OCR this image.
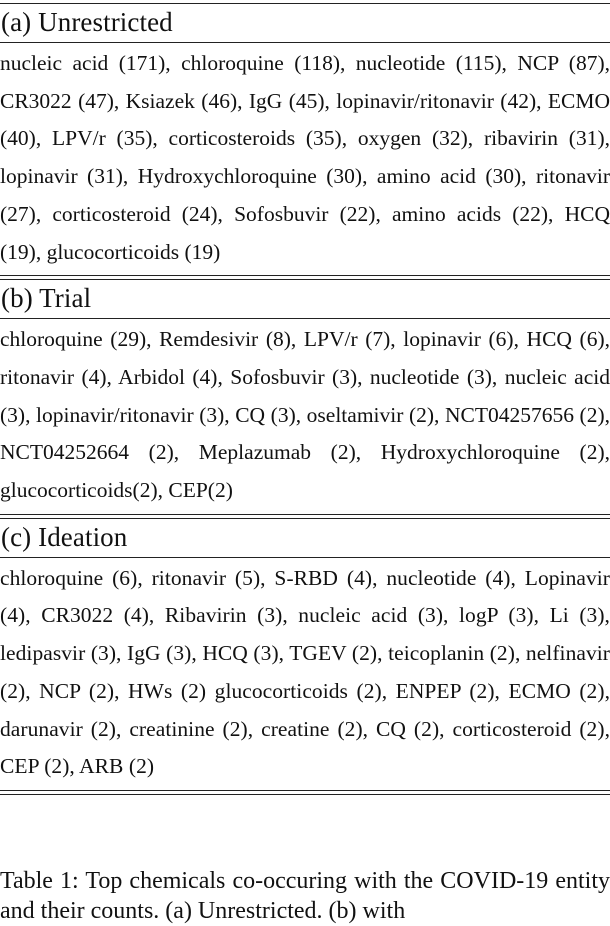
(a) Unrestricted
nucleic acid (171), chloroquine (118), nucleotide (115), NCP (87), CR3022 (47), Ksiazek (46), IgG (45), lopinavir/ritonavir (42), ECMO (40), LPV/r (35), corticosteroids (35), oxygen (32), ribavirin (31), lopinavir (31), Hydroxychloroquine (30), amino acid (30), ritonavir (27), corticosteroid (24), Sofosbuvir (22), amino acids (22), HCQ (19), glucocorticoids (19)
(b) Trial
chloroquine (29), Remdesivir (8), LPV/r (7), lopinavir (6), HCQ (6), ritonavir (4), Arbidol (4), Sofosbuvir (3), nucleotide (3), nucleic acid (3), lopinavir/ritonavir (3), CQ (3), oseltamivir (2), NCT04257656 (2), NCT04252664 (2), Meplazumab (2), Hydroxychloroquine (2), glucocorticoids(2), CEP(2)
(c) Ideation
chloroquine (6), ritonavir (5), S-RBD (4), nucleotide (4), Lopinavir (4), CR3022 (4), Ribavirin (3), nucleic acid (3), logP (3), Li (3), ledipasvir (3), IgG (3), HCQ (3), TGEV (2), teicoplanin (2), nelfinavir (2), NCP (2), HWs (2) glucocorticoids (2), ENPEP (2), ECMO (2), darunavir (2), creatinine (2), creatine (2), CQ (2), corticosteroid (2), CEP (2), ARB (2)
Table 1: Top chemicals co-occuring with the COVID-19 entity and their counts. (a) Unrestricted. (b) with
